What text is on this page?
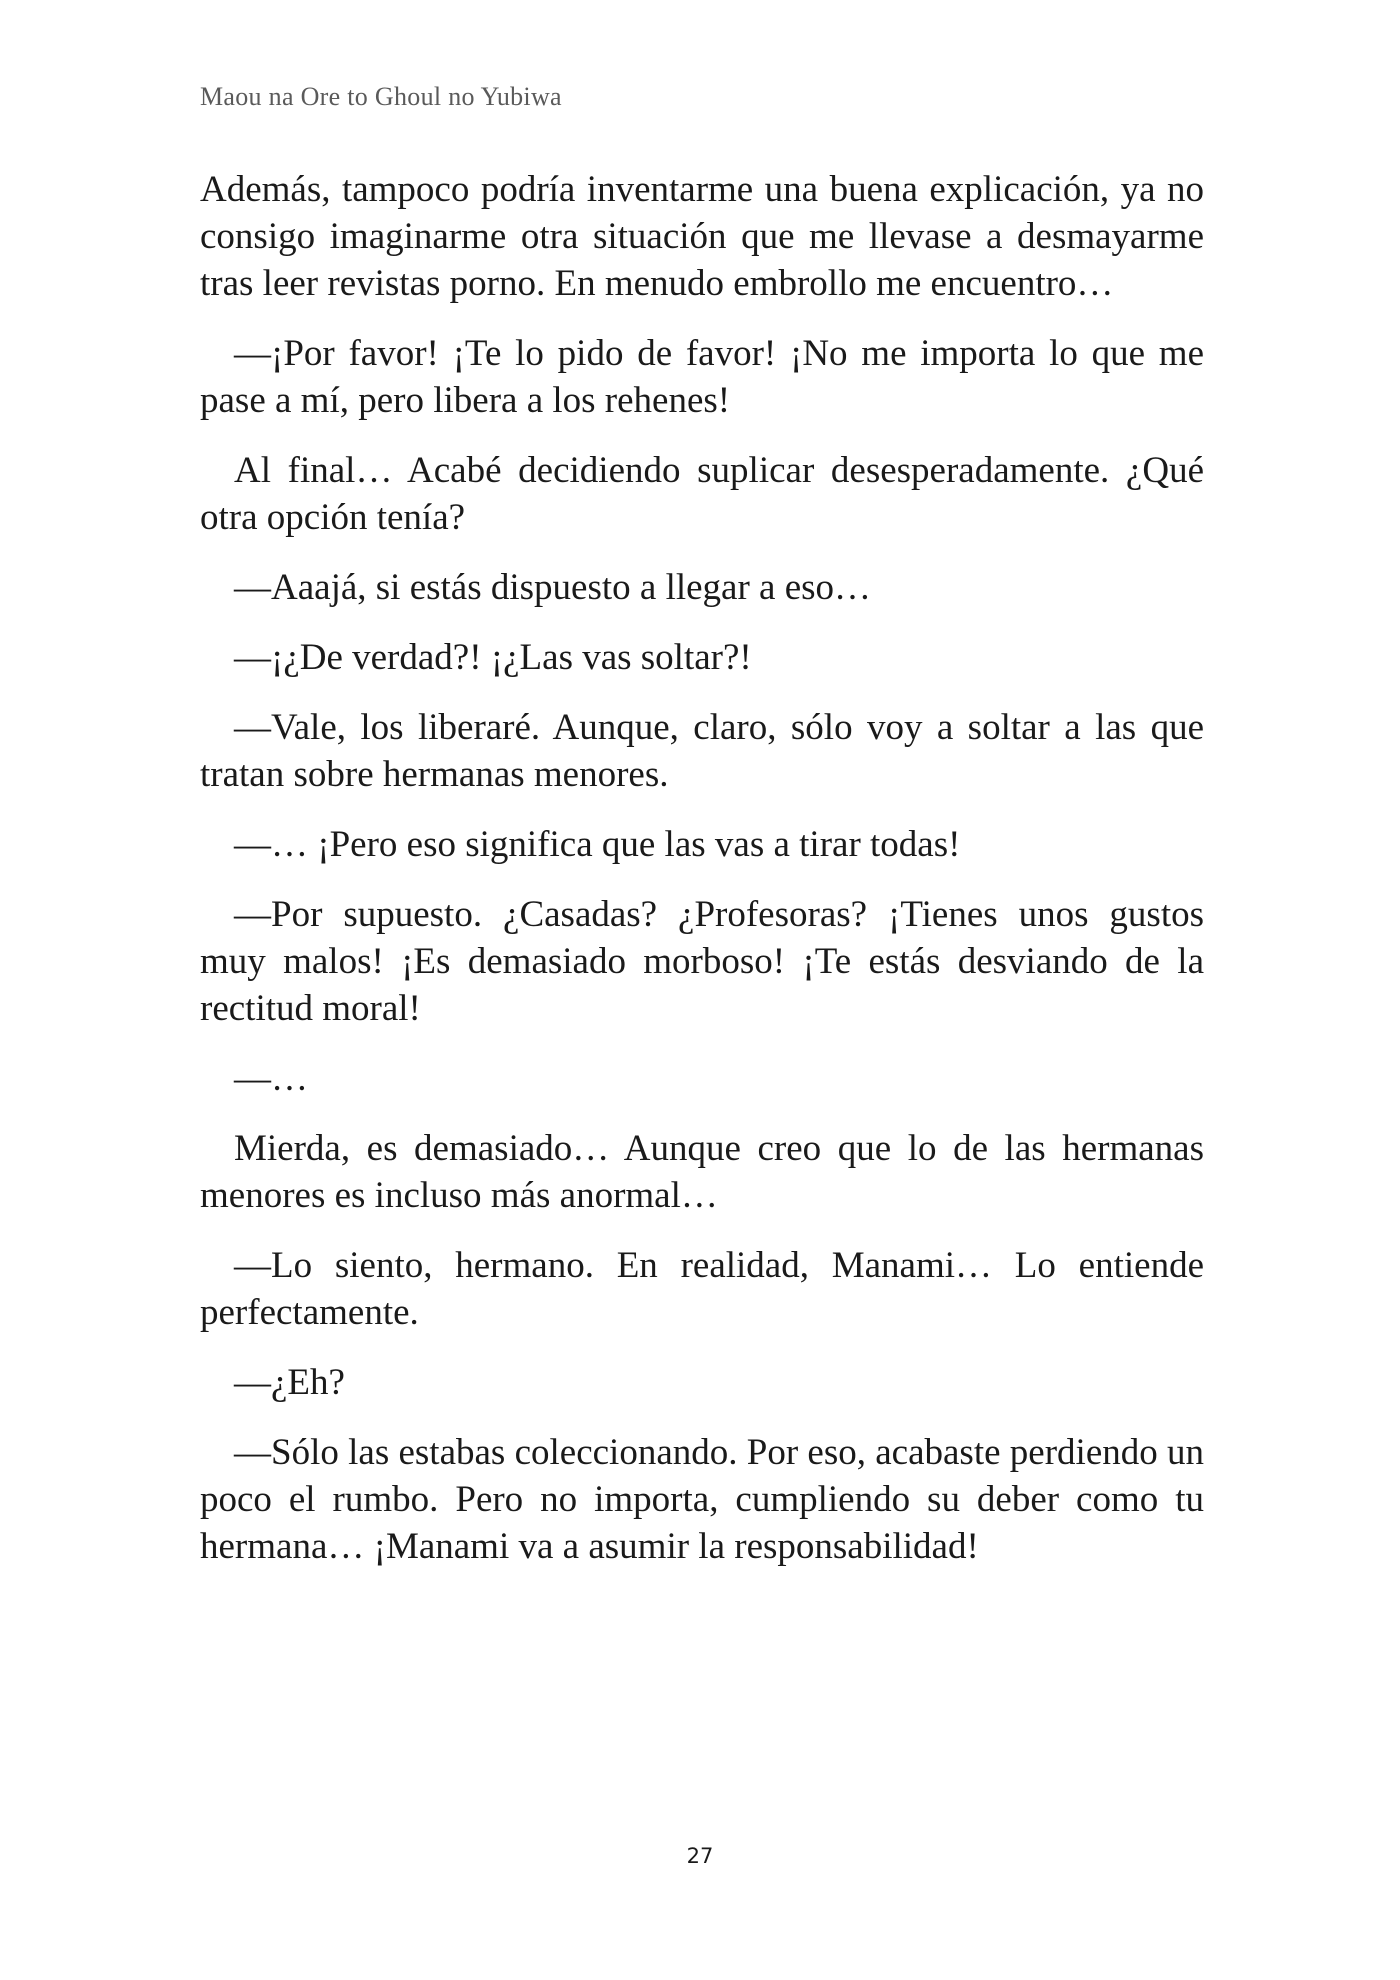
Maou na Ore to Ghoul no Yubiwa

Además, tampoco podría inventarme una buena explicación, ya no consigo imaginarme otra situación que me llevase a desmayarme tras leer revistas porno. En menudo embrollo me encuentro…

—¡Por favor! ¡Te lo pido de favor! ¡No me importa lo que me pase a mí, pero libera a los rehenes!

Al final… Acabé decidiendo suplicar desesperadamente. ¿Qué otra opción tenía?

—Aaajá, si estás dispuesto a llegar a eso…

—¡¿De verdad?! ¡¿Las vas soltar?!

—Vale, los liberaré. Aunque, claro, sólo voy a soltar a las que tratan sobre hermanas menores.

—… ¡Pero eso significa que las vas a tirar todas!

—Por supuesto. ¿Casadas? ¿Profesoras? ¡Tienes unos gustos muy malos! ¡Es demasiado morboso! ¡Te estás desviando de la rectitud moral!

—…

Mierda, es demasiado… Aunque creo que lo de las hermanas menores es incluso más anormal…

—Lo siento, hermano. En realidad, Manami… Lo entiende perfectamente.

—¿Eh?

—Sólo las estabas coleccionando. Por eso, acabaste perdiendo un poco el rumbo. Pero no importa, cumpliendo su deber como tu hermana… ¡Manami va a asumir la responsabilidad!

27
